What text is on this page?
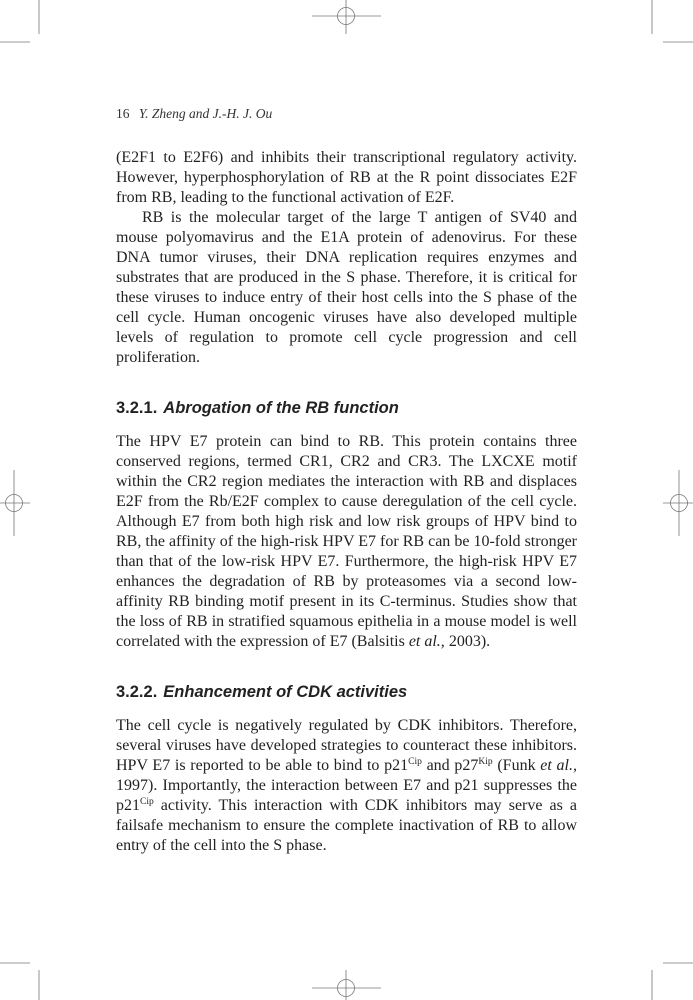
16 Y. Zheng and J.-H. J. Ou

(E2F1 to E2F6) and inhibits their transcriptional regulatory activity. However, hyperphosphorylation of RB at the R point dissociates E2F from RB, leading to the functional activation of E2F.

RB is the molecular target of the large T antigen of SV40 and mouse polyomavirus and the E1A protein of adenovirus. For these DNA tumor viruses, their DNA replication requires enzymes and substrates that are produced in the S phase. Therefore, it is critical for these viruses to induce entry of their host cells into the S phase of the cell cycle. Human oncogenic viruses have also developed multiple levels of regulation to promote cell cycle progression and cell proliferation.

3.2.1. Abrogation of the RB function

The HPV E7 protein can bind to RB. This protein contains three conserved regions, termed CR1, CR2 and CR3. The LXCXE motif within the CR2 region mediates the interaction with RB and displaces E2F from the Rb/E2F complex to cause deregulation of the cell cycle. Although E7 from both high risk and low risk groups of HPV bind to RB, the affinity of the high-risk HPV E7 for RB can be 10-fold stronger than that of the low-risk HPV E7. Furthermore, the high-risk HPV E7 enhances the degradation of RB by proteasomes via a second low-affinity RB binding motif present in its C-terminus. Studies show that the loss of RB in stratified squamous epithelia in a mouse model is well correlated with the expression of E7 (Balsitis et al., 2003).

3.2.2. Enhancement of CDK activities

The cell cycle is negatively regulated by CDK inhibitors. Therefore, several viruses have developed strategies to counteract these inhibitors. HPV E7 is reported to be able to bind to $p21^{Cip}$ and $p27^{Kip}$ (Funk et al., 1997). Importantly, the interaction between E7 and p21 suppresses the $p21^{Cip}$ activity. This interaction with CDK inhibitors may serve as a failsafe mechanism to ensure the complete inactivation of RB to allow entry of the cell into the S phase.
